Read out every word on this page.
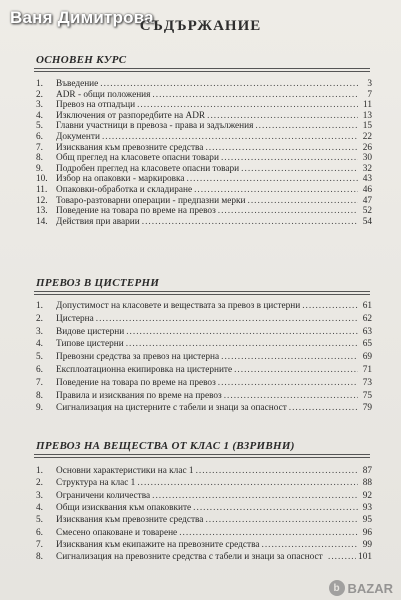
Ваня Димитрова
СЪДЪРЖАНИЕ
ОСНОВЕН КУРС
1.	Въведение .....	3
2.	ADR - общи положения .....	7
3.	Превоз на отпадъци .....	11
4.	Изключения от разпоредбите на ADR .....	13
5.	Главни участници в превоза - права и задължения .....	15
6.	Документи .....	22
7.	Изисквания към превозните средства .....	26
8.	Общ преглед на класовете опасни товари .....	30
9.	Подробен преглед на класовете опасни товари .....	32
10. Избор на опаковки - маркировка .....	43
11. Опаковки-обработка и складиране .....	46
12. Товаро-разтоварни операции - предпазни мерки .....	47
13. Поведение на товара по време на превоз .....	52
14. Действия при аварии .....	54
ПРЕВОЗ В ЦИСТЕРНИ
1.	Допустимост на класовете и веществата за превоз в цистерни .....	61
2.	Цистерна .....	62
3.	Видове цистерни .....	63
4.	Типове цистерни .....	65
5.	Превозни средства за превоз на цистерна .....	69
6.	Експлоатационна екипировка на цистерните .....	71
7.	Поведение на товара по време на превоз .....	73
8.	Правила и изисквания по време на превоз .....	75
9.	Сигнализация на цистерните с табели и знаци за опасност .....	79
ПРЕВОЗ НА ВЕЩЕСТВА ОТ КЛАС 1 (ВЗРИВНИ)
1.	Основни характеристики на клас 1 .....	87
2.	Структура на клас 1 .....	88
3.	Ограничени количества .....	92
4.	Общи изисквания към опаковките .....	93
5.	Изисквания към превозните средства .....	95
6.	Смесено опаковане и товарене .....	96
7.	Изисквания към екипажите на превозните средства .....	99
8.	Сигнализация на превозните средства с табели и знаци за опасност .....	101
b BAZAR
